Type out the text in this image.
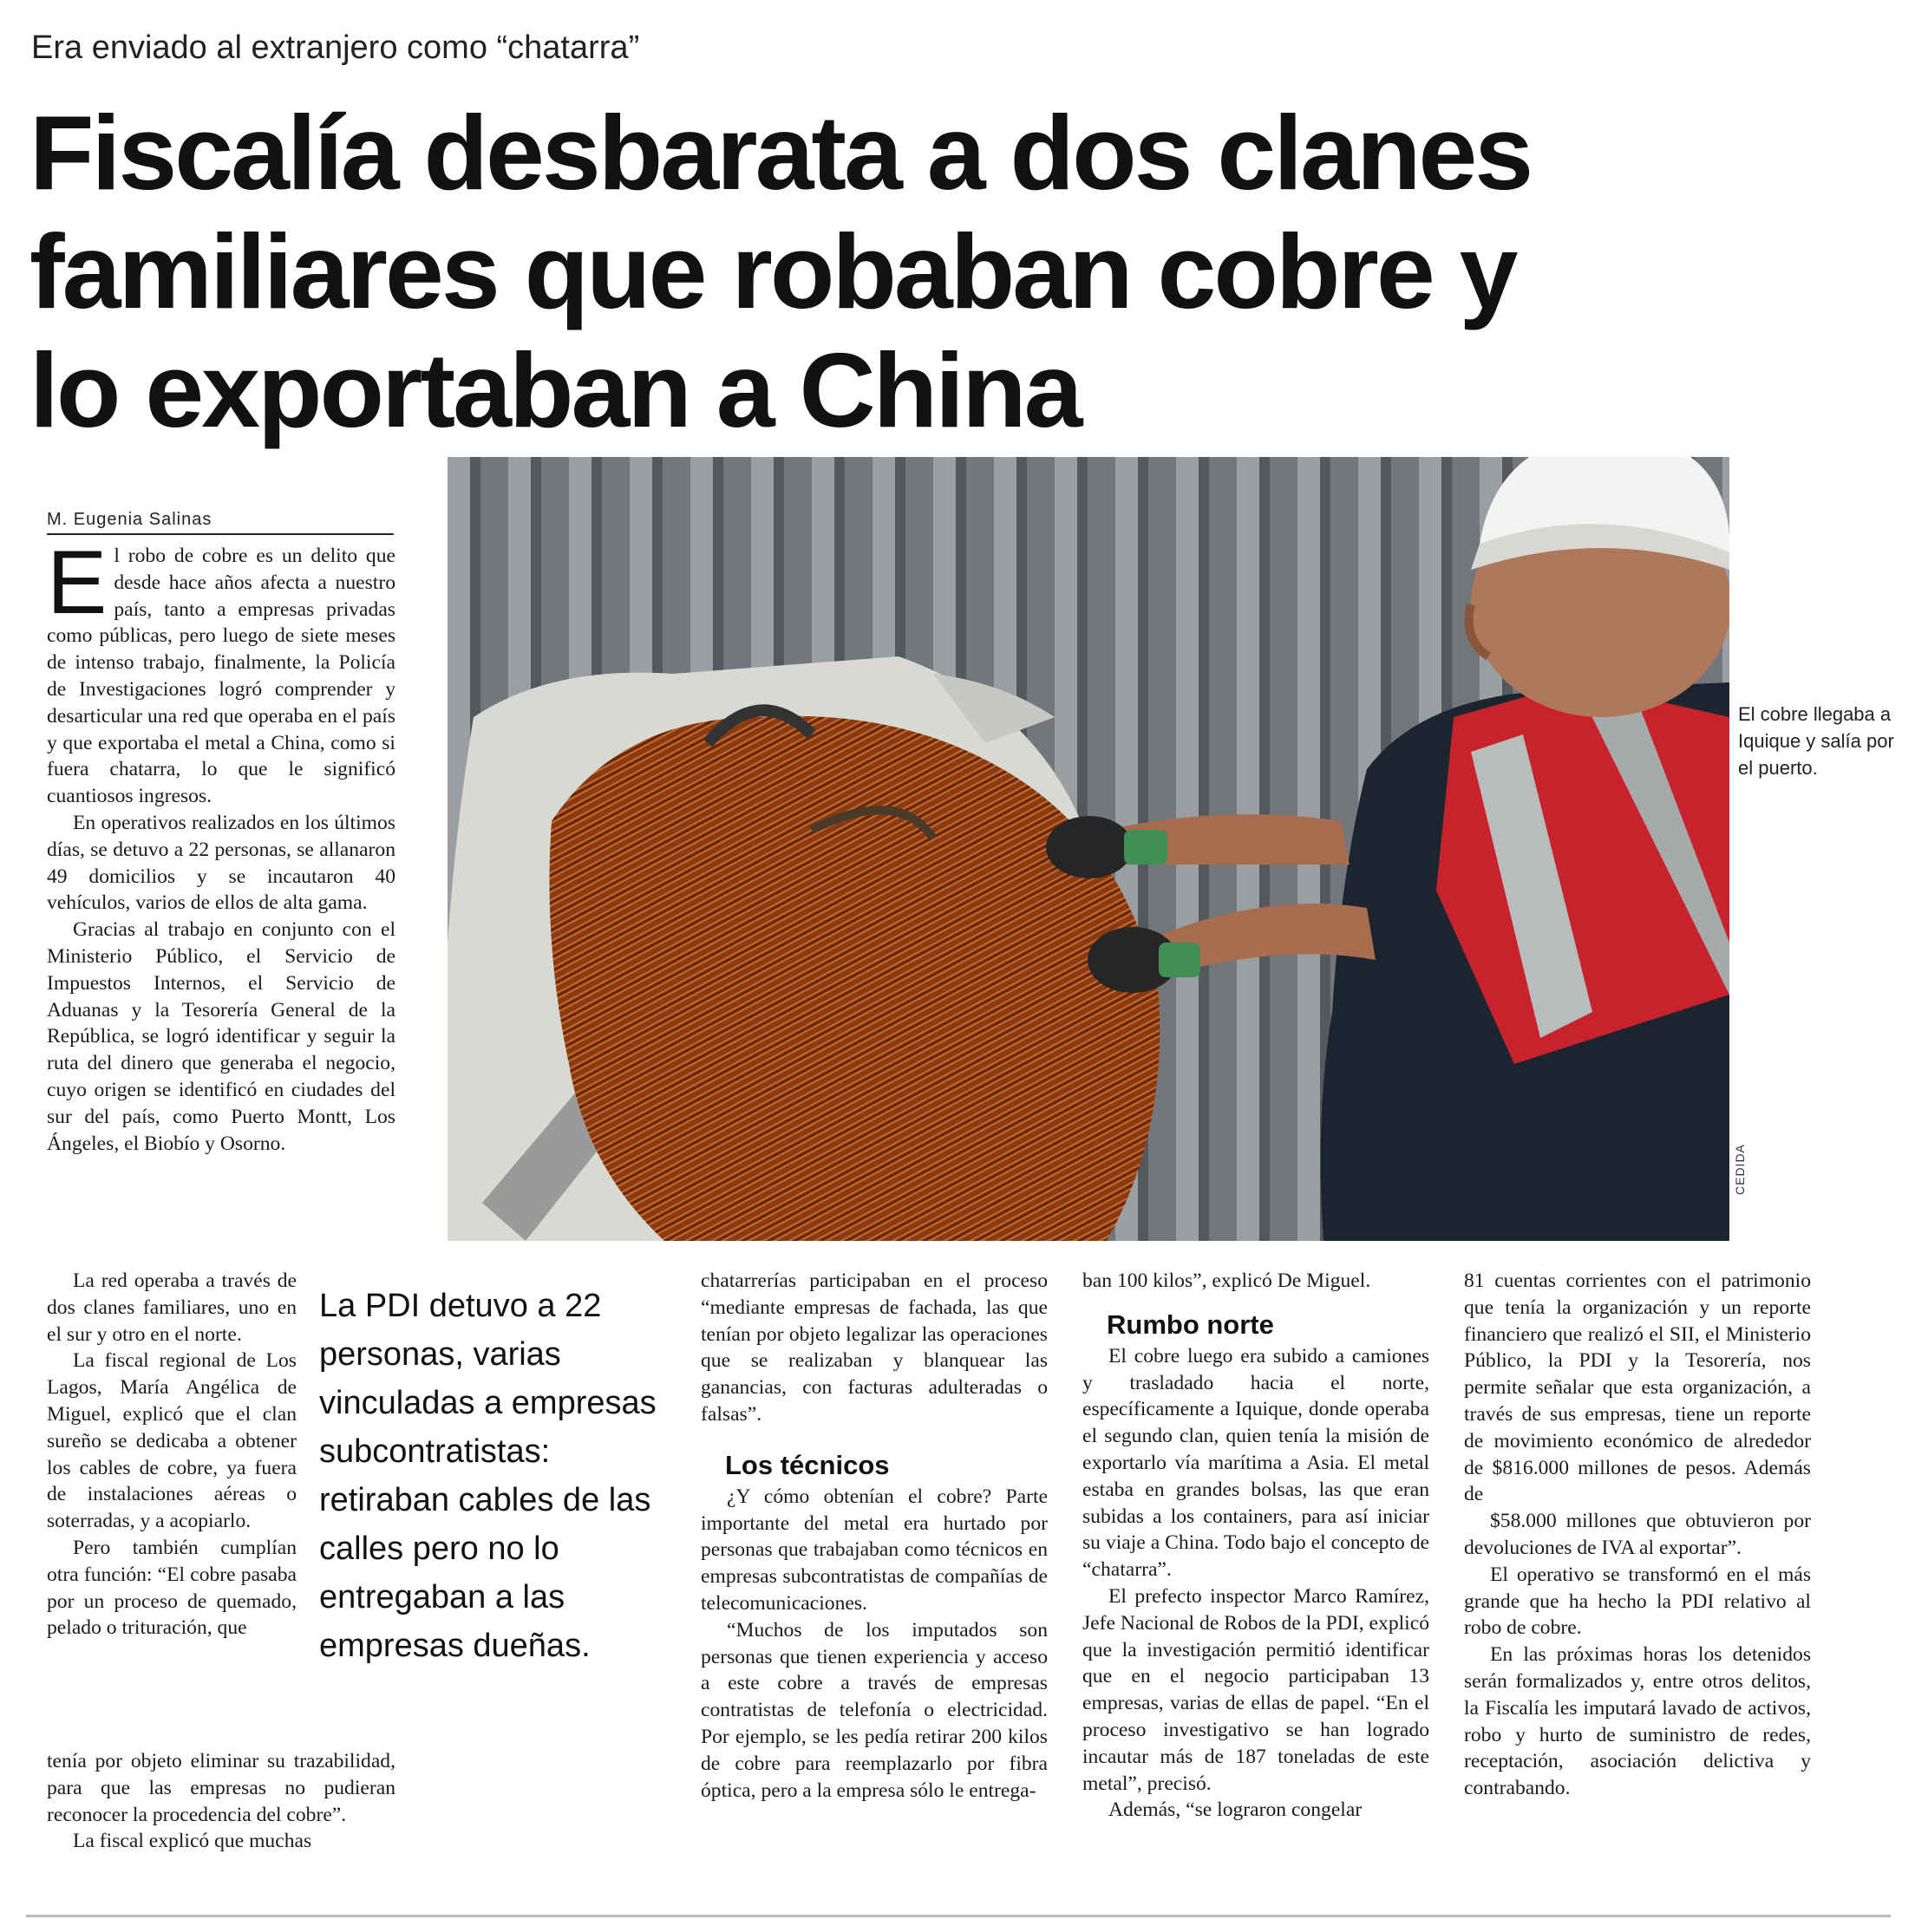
Era enviado al extranjero como “chatarra”
Fiscalía desbarata a dos clanes
familiares que robaban cobre y
lo exportaban a China
M. Eugenia Salinas

El robo de cobre es un delito que desde hace años afecta a nuestro país, tanto a empresas privadas como públicas, pero luego de siete meses de intenso trabajo, finalmente, la Policía de Investigaciones logró comprender y desarticular una red que operaba en el país y que exportaba el metal a China, como si fuera chatarra, lo que le significó cuantiosos ingresos.

En operativos realizados en los últimos días, se detuvo a 22 personas, se allanaron 49 domicilios y se incautaron 40 vehículos, varios de ellos de alta gama.

Gracias al trabajo en conjunto con el Ministerio Público, el Servicio de Impuestos Internos, el Servicio de Aduanas y la Tesorería General de la República, se logró identificar y seguir la ruta del dinero que generaba el negocio, cuyo origen se identificó en ciudades del sur del país, como Puerto Montt, Los Ángeles, el Biobío y Osorno.

La red operaba a través de dos clanes familiares, uno en el sur y otro en el norte.

La fiscal regional de Los Lagos, María Angélica de Miguel, explicó que el clan sureño se dedicaba a obtener los cables de cobre, ya fuera de instalaciones aéreas o soterradas, y a acopiarlo.

Pero también cumplían otra función: “El cobre pasaba por un proceso de quemado, pelado o trituración, que

tenía por objeto eliminar su trazabilidad, para que las empresas no pudieran reconocer la procedencia del cobre”.

La fiscal explicó que muchas

La PDI detuvo a 22 personas, varias vinculadas a empresas subcontratistas: retiraban cables de las calles pero no lo entregaban a las empresas dueñas.

chatarrerías participaban en el proceso “mediante empresas de fachada, las que tenían por objeto legalizar las operaciones que se realizaban y blanquear las ganancias, con facturas adulteradas o falsas”.

Los técnicos

¿Y cómo obtenían el cobre? Parte importante del metal era hurtado por personas que trabajaban como técnicos en empresas subcontratistas de compañías de telecomunicaciones.

“Muchos de los imputados son personas que tienen experiencia y acceso a este cobre a través de empresas contratistas de telefonía o electricidad. Por ejemplo, se les pedía retirar 200 kilos de cobre para reemplazarlo por fibra óptica, pero a la empresa sólo le entrega-

ban 100 kilos”, explicó De Miguel.

Rumbo norte

El cobre luego era subido a camiones y trasladado hacia el norte, específicamente a Iquique, donde operaba el segundo clan, quien tenía la misión de exportarlo vía marítima a Asia. El metal estaba en grandes bolsas, las que eran subidas a los containers, para así iniciar su viaje a China. Todo bajo el concepto de “chatarra”.

El prefecto inspector Marco Ramírez, Jefe Nacional de Robos de la PDI, explicó que la investigación permitió identificar que en el negocio participaban 13 empresas, varias de ellas de papel. “En el proceso investigativo se han logrado incautar más de 187 toneladas de este metal”, precisó.

Además, “se lograron congelar

81 cuentas corrientes con el patrimonio que tenía la organización y un reporte financiero que realizó el SII, el Ministerio Público, la PDI y la Tesorería, nos permite señalar que esta organización, a través de sus empresas, tiene un reporte de movimiento económico de alrededor de $816.000 millones de pesos. Además de

$58.000 millones que obtuvieron por devoluciones de IVA al exportar”.

El operativo se transformó en el más grande que ha hecho la PDI relativo al robo de cobre.

En las próximas horas los detenidos serán formalizados y, entre otros delitos, la Fiscalía les imputará lavado de activos, robo y hurto de suministro de redes, receptación, asociación delictiva y contrabando.

CEDIDA
El cobre llegaba a Iquique y salía por el puerto.
